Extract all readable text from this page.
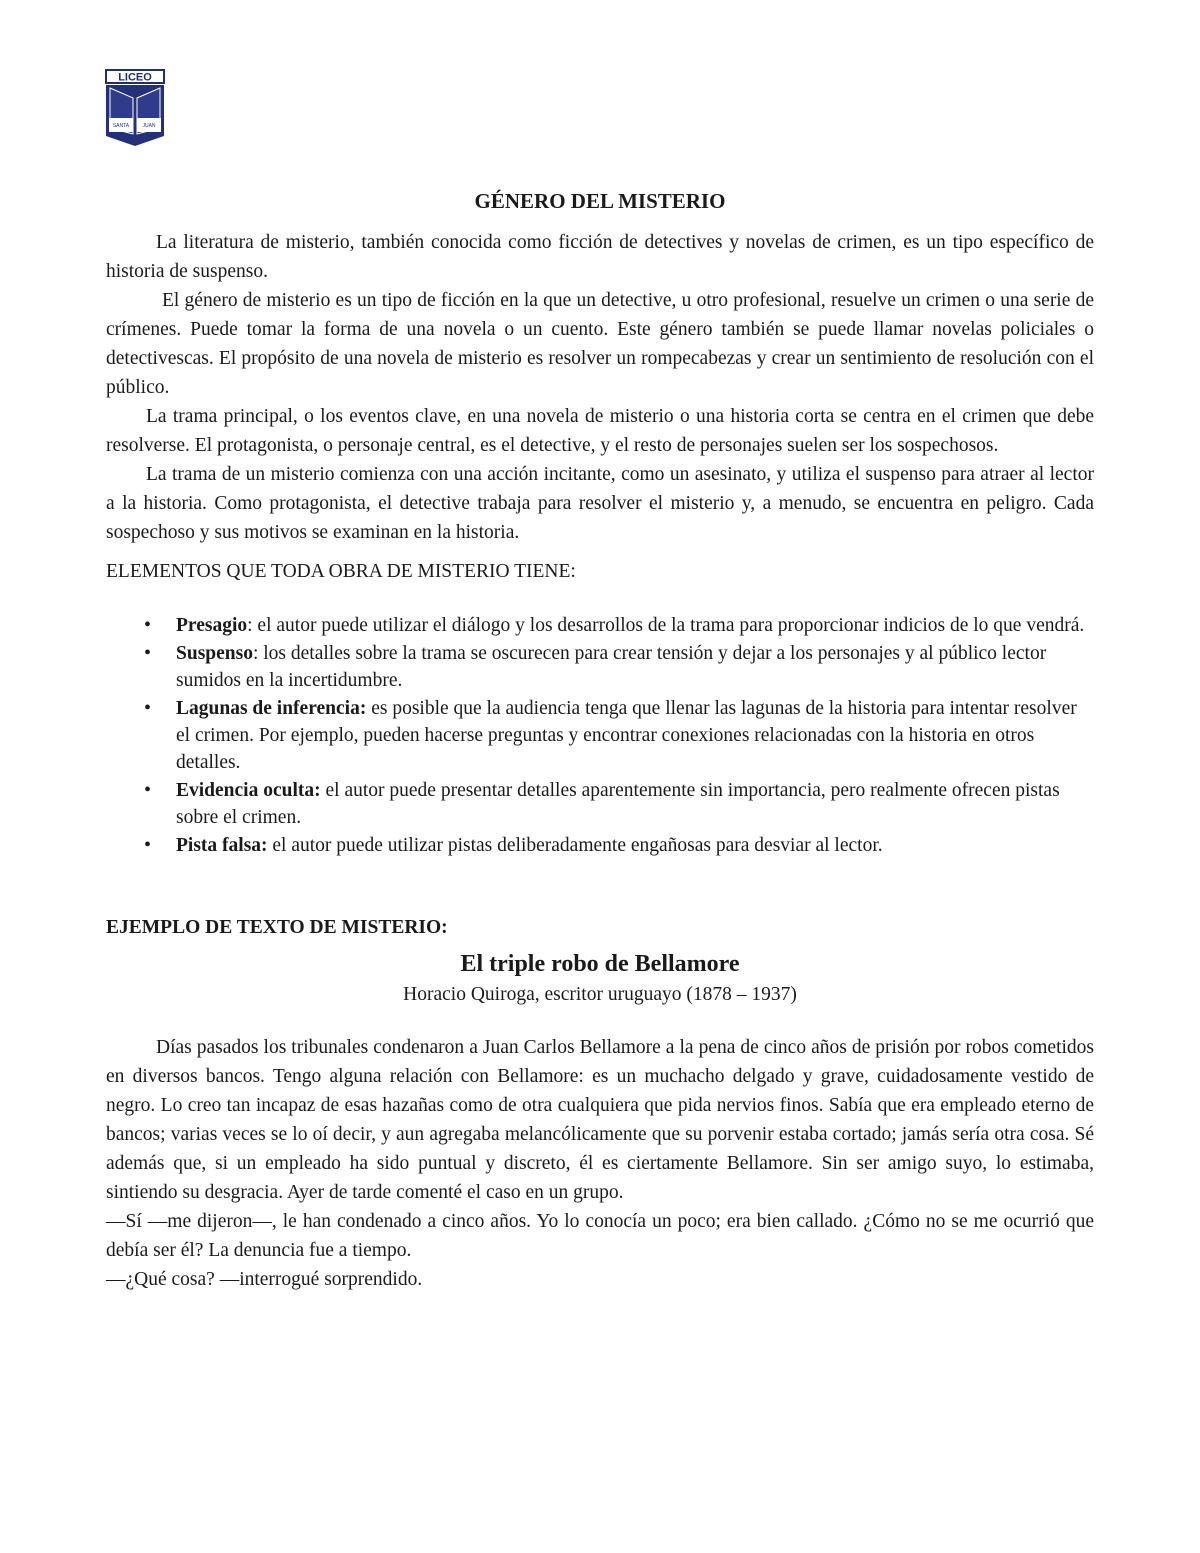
LICEO
SANTA	JUAN
GÉNERO DEL MISTERIO

La literatura de misterio, también conocida como ficción de detectives y novelas de crimen, es un tipo específico de historia de suspenso.

El género de misterio es un tipo de ficción en la que un detective, u otro profesional, resuelve un crimen o una serie de crímenes. Puede tomar la forma de una novela o un cuento. Este género también se puede llamar novelas policiales o detectivescas. El propósito de una novela de misterio es resolver un rompecabezas y crear un sentimiento de resolución con el público.

La trama principal, o los eventos clave, en una novela de misterio o una historia corta se centra en el crimen que debe resolverse. El protagonista, o personaje central, es el detective, y el resto de personajes suelen ser los sospechosos.

La trama de un misterio comienza con una acción incitante, como un asesinato, y utiliza el suspenso para atraer al lector a la historia. Como protagonista, el detective trabaja para resolver el misterio y, a menudo, se encuentra en peligro. Cada sospechoso y sus motivos se examinan en la historia.

ELEMENTOS QUE TODA OBRA DE MISTERIO TIENE:

• Presagio: el autor puede utilizar el diálogo y los desarrollos de la trama para proporcionar indicios de lo que vendrá.
• Suspenso: los detalles sobre la trama se oscurecen para crear tensión y dejar a los personajes y al público lector sumidos en la incertidumbre.
• Lagunas de inferencia: es posible que la audiencia tenga que llenar las lagunas de la historia para intentar resolver el crimen. Por ejemplo, pueden hacerse preguntas y encontrar conexiones relacionadas con la historia en otros detalles.
• Evidencia oculta: el autor puede presentar detalles aparentemente sin importancia, pero realmente ofrecen pistas sobre el crimen.
• Pista falsa: el autor puede utilizar pistas deliberadamente engañosas para desviar al lector.

EJEMPLO DE TEXTO DE MISTERIO:

El triple robo de Bellamore
Horacio Quiroga, escritor uruguayo (1878 – 1937)

Días pasados los tribunales condenaron a Juan Carlos Bellamore a la pena de cinco años de prisión por robos cometidos en diversos bancos. Tengo alguna relación con Bellamore: es un muchacho delgado y grave, cuidadosamente vestido de negro. Lo creo tan incapaz de esas hazañas como de otra cualquiera que pida nervios finos. Sabía que era empleado eterno de bancos; varias veces se lo oí decir, y aun agregaba melancólicamente que su porvenir estaba cortado; jamás sería otra cosa. Sé además que, si un empleado ha sido puntual y discreto, él es ciertamente Bellamore. Sin ser amigo suyo, lo estimaba, sintiendo su desgracia. Ayer de tarde comenté el caso en un grupo.

—Sí —me dijeron—, le han condenado a cinco años. Yo lo conocía un poco; era bien callado. ¿Cómo no se me ocurrió que debía ser él? La denuncia fue a tiempo.

—¿Qué cosa? —interrogué sorprendido.
